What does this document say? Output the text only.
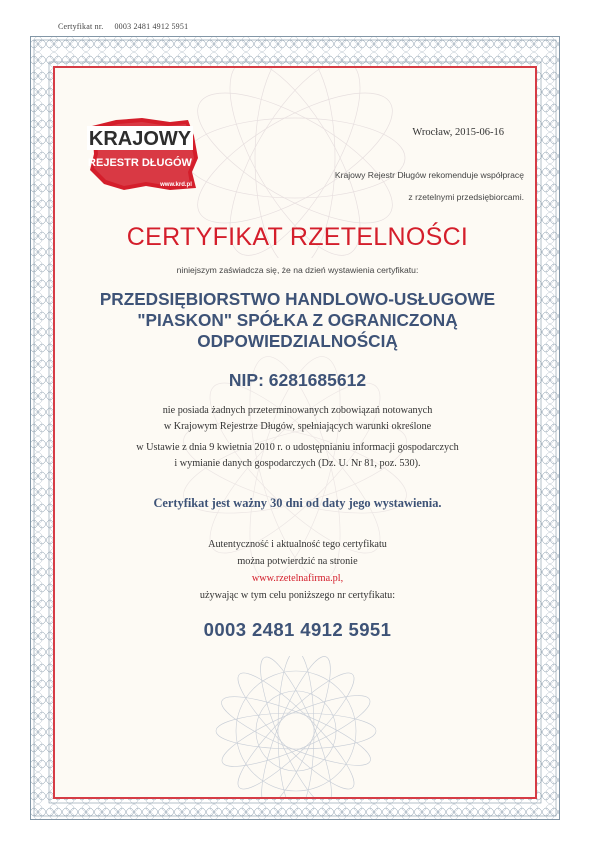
Certyfikat nr. 0003 2481 4912 5951
KRAJOWY
REJESTR DŁUGÓW
www.krd.pl
Wrocław, 2015-06-16
Krajowy Rejestr Długów rekomenduje współpracę
z rzetelnymi przedsiębiorcami.
CERTYFIKAT RZETELNOŚCI
niniejszym zaświadcza się, że na dzień wystawienia certyfikatu:
PRZEDSIĘBIORSTWO HANDLOWO-USŁUGOWE
"PIASKON" SPÓŁKA Z OGRANICZONĄ
ODPOWIEDZIALNOŚCIĄ
NIP: 6281685612
nie posiada żadnych przeterminowanych zobowiązań notowanych
w Krajowym Rejestrze Długów, spełniających warunki określone
w Ustawie z dnia 9 kwietnia 2010 r. o udostępnianiu informacji gospodarczych
i wymianie danych gospodarczych (Dz. U. Nr 81, poz. 530).
Certyfikat jest ważny 30 dni od daty jego wystawienia.
Autentyczność i aktualność tego certyfikatu
można potwierdzić na stronie
www.rzetelnafirma.pl,
używając w tym celu poniższego nr certyfikatu:
0003 2481 4912 5951
